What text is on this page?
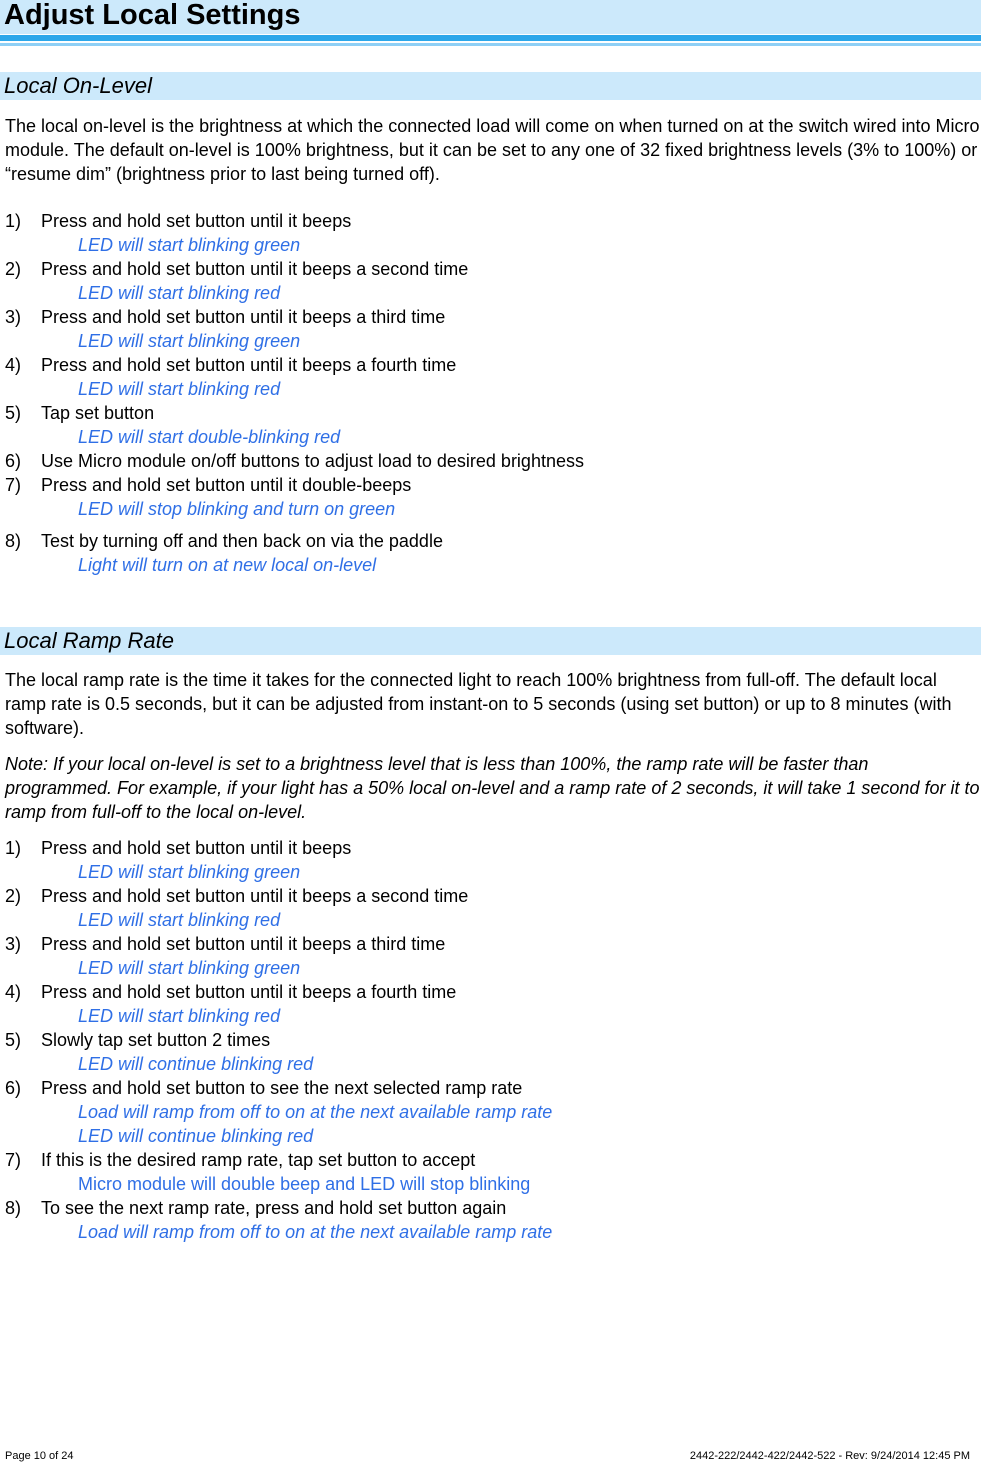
Adjust Local Settings
Local On-Level

The local on-level is the brightness at which the connected load will come on when turned on at the switch wired into Micro module. The default on-level is 100% brightness, but it can be set to any one of 32 fixed brightness levels (3% to 100%) or “resume dim” (brightness prior to last being turned off).

1) Press and hold set button until it beeps
LED will start blinking green
2) Press and hold set button until it beeps a second time
LED will start blinking red
3) Press and hold set button until it beeps a third time
LED will start blinking green
4) Press and hold set button until it beeps a fourth time
LED will start blinking red
5) Tap set button
LED will start double-blinking red
6) Use Micro module on/off buttons to adjust load to desired brightness
7) Press and hold set button until it double-beeps
LED will stop blinking and turn on green
8) Test by turning off and then back on via the paddle
Light will turn on at new local on-level
Local Ramp Rate

The local ramp rate is the time it takes for the connected light to reach 100% brightness from full-off. The default local ramp rate is 0.5 seconds, but it can be adjusted from instant-on to 5 seconds (using set button) or up to 8 minutes (with software).

Note: If your local on-level is set to a brightness level that is less than 100%, the ramp rate will be faster than programmed. For example, if your light has a 50% local on-level and a ramp rate of 2 seconds, it will take 1 second for it to ramp from full-off to the local on-level.

1) Press and hold set button until it beeps
LED will start blinking green
2) Press and hold set button until it beeps a second time
LED will start blinking red
3) Press and hold set button until it beeps a third time
LED will start blinking green
4) Press and hold set button until it beeps a fourth time
LED will start blinking red
5) Slowly tap set button 2 times
LED will continue blinking red
6) Press and hold set button to see the next selected ramp rate
Load will ramp from off to on at the next available ramp rate
LED will continue blinking red
7) If this is the desired ramp rate, tap set button to accept
Micro module will double beep and LED will stop blinking
8) To see the next ramp rate, press and hold set button again
Load will ramp from off to on at the next available ramp rate
Page 10 of 24	2442-222/2442-422/2442-522 - Rev: 9/24/2014 12:45 PM
